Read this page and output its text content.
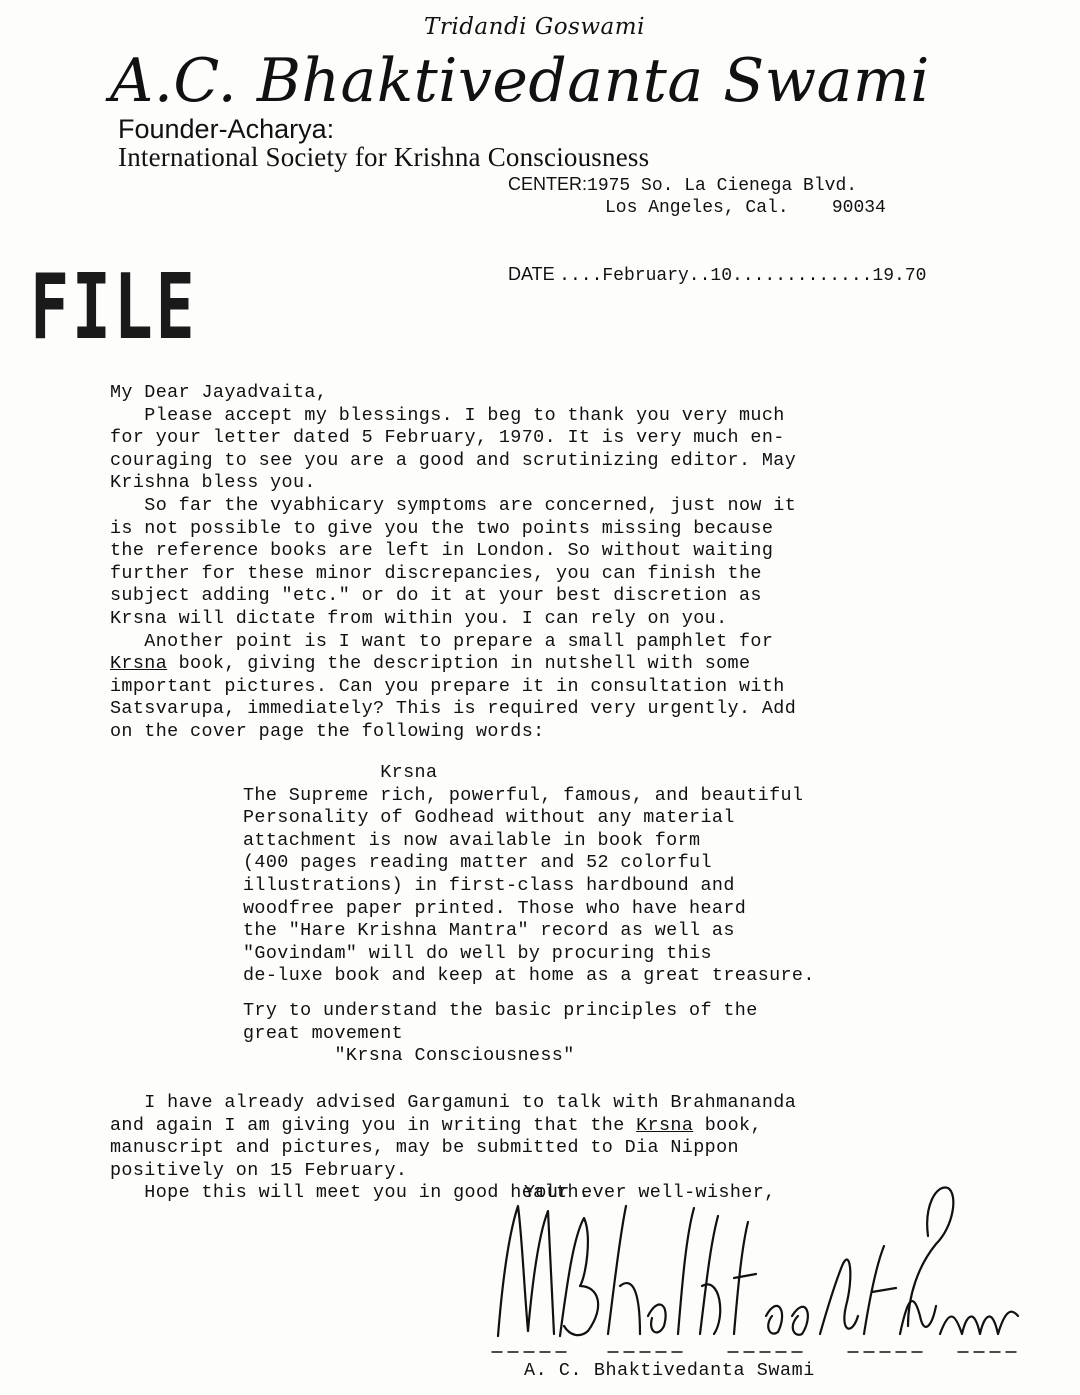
Tridandi Goswami
A.C. Bhaktivedanta Swami
Founder-Acharya:
International Society for Krishna Consciousness
CENTER:1975 So. La Cienega Blvd.
Los Angeles, Cal.    90034
FILE	DATE ....February..10.............19.70
My Dear Jayadvaita,
Please accept my blessings. I beg to thank you very much
for your letter dated 5 February, 1970. It is very much en-
couraging to see you are a good and scrutinizing editor. May
Krishna bless you.
So far the vyabhicary symptoms are concerned, just now it
is not possible to give you the two points missing because
the reference books are left in London. So without waiting
further for these minor discrepancies, you can finish the
subject adding "etc." or do it at your best discretion as
Krsna will dictate from within you. I can rely on you.
Another point is I want to prepare a small pamphlet for
Krsna book, giving the description in nutshell with some
important pictures. Can you prepare it in consultation with
Satsvarupa, immediately? This is required very urgently. Add
on the cover page the following words:
Krsna
The Supreme rich, powerful, famous, and beautiful
Personality of Godhead without any material
attachment is now available in book form
(400 pages reading matter and 52 colorful
illustrations) in first-class hardbound and
woodfree paper printed. Those who have heard
the "Hare Krishna Mantra" record as well as
"Govindam" will do well by procuring this
de-luxe book and keep at home as a great treasure.
Try to understand the basic principles of the
great movement
"Krsna Consciousness"
I have already advised Gargamuni to talk with Brahmananda
and again I am giving you in writing that the Krsna book,
manuscript and pictures, may be submitted to Dia Nippon
positively on 15 February.
Hope this will meet you in good health.
Your ever well-wisher,
A. C. Bhaktivedanta Swami
